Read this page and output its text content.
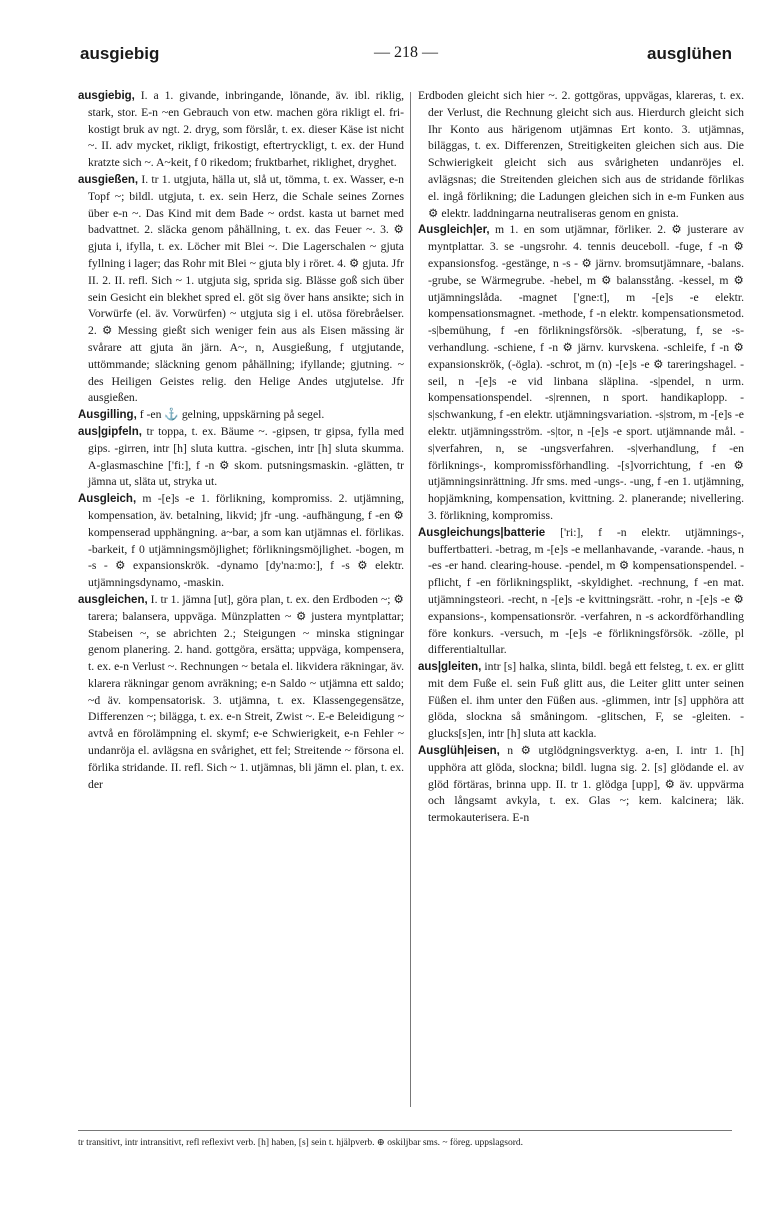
ausgiebig	— 218 —	ausglühen

ausgiebig, I. a 1. givande, inbringande, lönande, äv. ibl. riklig, stark, stor. E-n ~en Gebrauch von etw. machen göra rikligt el. fri-kostigt bruk av ngt. 2. dryg, som förslår, t. ex. dieser Käse ist nicht ~. II. adv mycket, rikligt, frikostigt, eftertryckligt, t. ex. der Hund kratzte sich ~. A~keit, f 0 rikedom; fruktbarhet, riklighet, dryghet.

ausgießen, I. tr 1. utgjuta, hälla ut, slå ut, tömma, t. ex. Wasser, e-n Topf ~; bildl. utgjuta, t. ex. sein Herz, die Schale seines Zornes über e-n ~. Das Kind mit dem Bade ~ ordst. kasta ut barnet med badvattnet. 2. släcka genom påhällning, t. ex. das Feuer ~. 3. ⚙ gjuta i, ifylla, t. ex. Löcher mit Blei ~. Die Lagerschalen ~ gjuta fyllning i lager; das Rohr mit Blei ~ gjuta bly i röret. 4. ⚙ gjuta. Jfr II. 2. II. refl. Sich ~ 1. utgjuta sig, sprida sig. Blässe goß sich über sein Gesicht ein blekhet spred el. göt sig över hans ansikte; sich in Vorwürfe (el. äv. Vorwürfen) ~ utgjuta sig i el. utösa förebråelser. 2. ⚙ Messing gießt sich weniger fein aus als Eisen mässing är svårare att gjuta än järn. A~, n, Ausgießung, f utgjutande, uttömmande; släckning genom påhällning; ifyllande; gjutning. ~ des Heiligen Geistes relig. den Helige Andes utgjutelse. Jfr ausgießen.

Ausgilling, f -en ⚓ gelning, uppskärning på segel.

aus|gipfeln, tr toppa, t. ex. Bäume ~. -gipsen, tr gipsa, fylla med gips. -girren, intr [h] sluta kuttra. -gischen, intr [h] sluta skumma. A-glasmaschine ['fi:], f -n ⚙ skom. putsningsmaskin. -glätten, tr jämna ut, släta ut, stryka ut.

Ausgleich, m -[e]s -e 1. förlikning, kompromiss. 2. utjämning, kompensation, äv. betalning, likvid; jfr -ung. -aufhängung, f -en ⚙ kompenserad upphängning. a~bar, a som kan utjämnas el. förlikas. -barkeit, f 0 utjämningsmöjlighet; förlikningsmöjlighet. -bogen, m -s - ⚙ expansionskrök. -dynamo [dy'na:mo:], f -s ⚙ elektr. utjämningsdynamo, -maskin.

ausgleichen, I. tr 1. jämna [ut], göra plan, t. ex. den Erdboden ~; ⚙ tarera; balansera, uppväga. Münzplatten ~ ⚙ justera myntplattar; Stabeisen ~, se abrichten 2.; Steigungen ~ minska stigningar genom planering. 2. hand. gottgöra, ersätta; uppväga, kompensera, t. ex. e-n Verlust ~. Rechnungen ~ betala el. likvidera räkningar, äv. klarera räkningar genom avräkning; e-n Saldo ~ utjämna ett saldo; ~d äv. kompensatorisk. 3. utjämna, t. ex. Klassengegensätze, Differenzen ~; biläggа, t. ex. e-n Streit, Zwist ~. E-e Beleidigung ~ avtvå en förolämpning el. skymf; e-e Schwierigkeit, e-n Fehler ~ undanröja el. avlägsna en svårighet, ett fel; Streitende ~ försona el. förlika stridande. II. refl. Sich ~ 1. utjämnas, bli jämn el. plan, t. ex. der

Erdboden gleicht sich hier ~. 2. gottgöras, uppvägas, klareras, t. ex. der Verlust, die Rechnung gleicht sich aus. Hierdurch gleicht sich Ihr Konto aus härigenom utjämnas Ert konto. 3. utjämnas, biläggas, t. ex. Differenzen, Streitigkeiten gleichen sich aus. Die Schwierigkeit gleicht sich aus svårigheten undanröjes el. avlägsnas; die Streitenden gleichen sich aus de stridande förlikas el. ingå förlikning; die Ladungen gleichen sich in e-m Funken aus ⚙ elektr. laddningarna neutraliseras genom en gnista.

Ausgleich|er, m 1. en som utjämnar, förliker. 2. ⚙ justerare av myntplattar. 3. se -ungsrohr. 4. tennis deuceboll. -fuge, f -n ⚙ expansionsfog. -gestänge, n -s - ⚙ järnv. bromsutjämnare, -balans. -grube, se Wärmegrube. -hebel, m ⚙ balansstång. -kessel, m ⚙ utjämningslåda. -magnet ['gne:t], m -[e]s -e elektr. kompensationsmagnet. -methode, f -n elektr. kompensationsmetod. -s|bemühung, f -en förlikningsförsök. -s|beratung, f, se -s-verhandlung. -schiene, f -n ⚙ järnv. kurvskena. -schleife, f -n ⚙ expansionskrök, (-ögla). -schrot, m (n) -[e]s -e ⚙ tareringshagel. -seil, n -[e]s -e vid linbana släplina. -s|pendel, n urm. kompensationspendel. -s|rennen, n sport. handikaplopp. -s|schwankung, f -en elektr. utjämningsvariation. -s|strom, m -[e]s -e elektr. utjämningsström. -s|tor, n -[e]s -e sport. utjämnande mål. -s|verfahren, n, se -ungsverfahren. -s|verhandlung, f -en förliknings-, kompromissförhandling. -[s]vorrichtung, f -en ⚙ utjämningsinrättning. Jfr sms. med -ungs-. -ung, f -en 1. utjämning, hopjämkning, kompensation, kvittning. 2. planerande; nivellering. 3. förlikning, kompromiss.

Ausgleichungs|batterie ['ri:], f -n elektr. utjämnings-, buffertbatteri. -betrag, m -[e]s -e mellanhavande, -varande. -haus, n -es -er hand. clearing-house. -pendel, m ⚙ kompensationspendel. -pflicht, f -en förlikningsplikt, -skyldighet. -rechnung, f -en mat. utjämningsteori. -recht, n -[e]s -e kvittningsrätt. -rohr, n -[e]s -e ⚙ expansions-, kompensationsrör. -verfahren, n -s ackordförhandling före konkurs. -versuch, m -[e]s -e förlikningsförsök. -zölle, pl differentialtullar.

aus|gleiten, intr [s] halka, slinta, bildl. begå ett felsteg, t. ex. er glitt mit dem Fuße el. sein Fuß glitt aus, die Leiter glitt unter seinen Füßen el. ihm unter den Füßen aus. -glimmen, intr [s] upphöra att glöda, slockna så småningom. -glitschen, F, se -gleiten. -glucks[s]en, intr [h] sluta att kackla.

Ausglüh|eisen, n ⚙ utglödgningsverktyg. a-en, I. intr 1. [h] upphöra att glöda, slockna; bildl. lugna sig. 2. [s] glödande el. av glöd förtäras, brinna upp. II. tr 1. glödga [upp], ⚙ äv. uppvärma och långsamt avkyla, t. ex. Glas ~; kem. kalcinera; läk. termokauterisera. E-n

tr transitivt, intr intransitivt, refl reflexivt verb. [h] haben, [s] sein t. hjälpverb. ⊕ oskiljbar sms. ~ föreg. uppslagsord.
